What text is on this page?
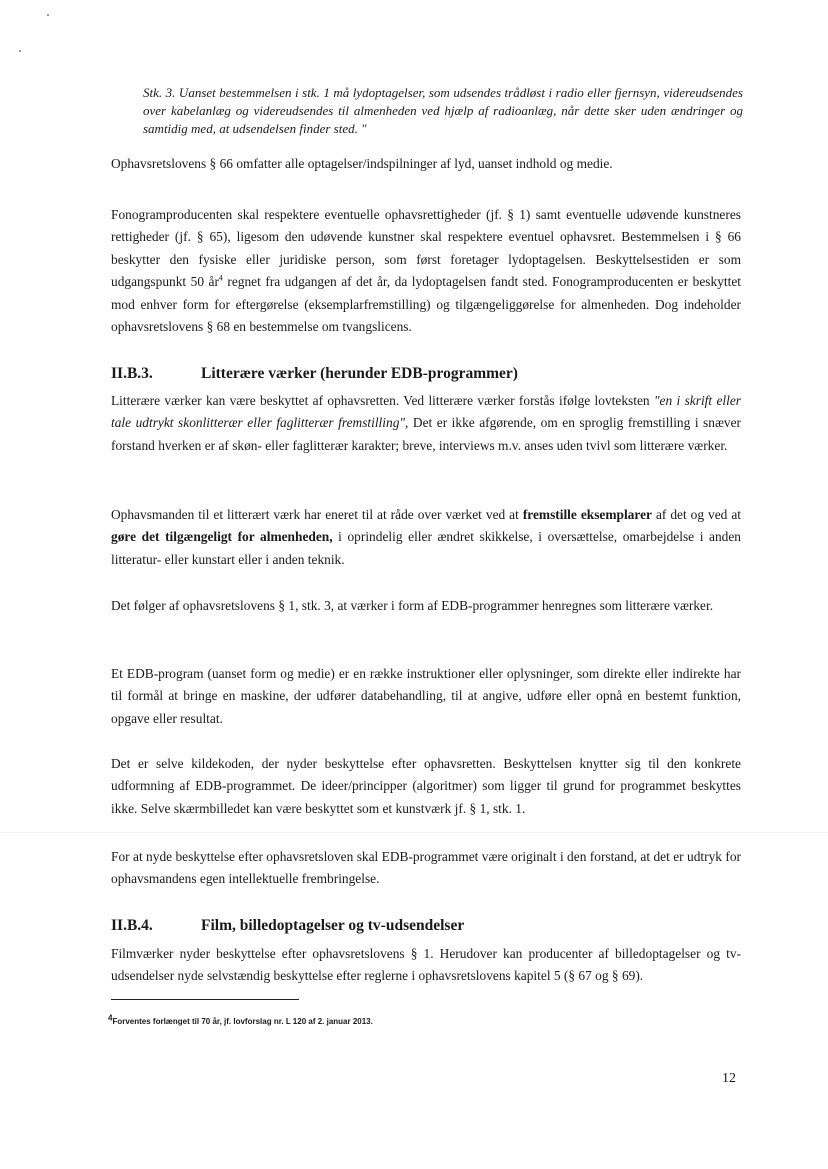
Stk. 3. Uanset bestemmelsen i stk. 1 må lydoptagelser, som udsendes trådløst i radio eller fjernsyn, videreudsendes over kabelanlæg og videreudsendes til almenheden ved hjælp af radioanlæg, når dette sker uden ændringer og samtidig med, at udsendelsen finder sted. "
Ophavsretslovens § 66 omfatter alle optagelser/indspilninger af lyd, uanset indhold og medie.
Fonogramproducenten skal respektere eventuelle ophavsrettigheder (jf. § 1) samt eventuelle udøvende kunstneres rettigheder (jf. § 65), ligesom den udøvende kunstner skal respektere eventuel ophavsret. Bestemmelsen i § 66 beskytter den fysiske eller juridiske person, som først foretager lydoptagelsen. Beskyttelsestiden er som udgangspunkt 50 $år^4$ regnet fra udgangen af det år, da lydoptagelsen fandt sted. Fonogramproducenten er beskyttet mod enhver form for eftergørelse (eksemplarfremstilling) og tilgængeliggørelse for almenheden. Dog indeholder ophavsretslovens § 68 en bestemmelse om tvangslicens.
II.B.3.	Litterære værker (herunder EDB-programmer)
Litterære værker kan være beskyttet af ophavsretten. Ved litterære værker forstås ifølge lovteksten "en i skrift eller tale udtrykt skonlitterær eller faglitterær fremstilling", Det er ikke afgørende, om en sproglig fremstilling i snæver forstand hverken er af skøn- eller faglitterær karakter; breve, interviews m.v. anses uden tvivl som litterære værker.
Ophavsmanden til et litterært værk har eneret til at råde over værket ved at fremstille eksemplarer af det og ved at gøre det tilgængeligt for almenheden, i oprindelig eller ændret skikkelse, i oversættelse, omarbejdelse i anden litteratur- eller kunstart eller i anden teknik.
Det følger af ophavsretslovens § 1, stk. 3, at værker i form af EDB-programmer henregnes som litterære værker.
Et EDB-program (uanset form og medie) er en række instruktioner eller oplysninger, som direkte eller indirekte har til formål at bringe en maskine, der udfører databehandling, til at angive, udføre eller opnå en bestemt funktion, opgave eller resultat.
Det er selve kildekoden, der nyder beskyttelse efter ophavsretten. Beskyttelsen knytter sig til den konkrete udformning af EDB-programmet. De ideer/principper (algoritmer) som ligger til grund for programmet beskyttes ikke. Selve skærmbilledet kan være beskyttet som et kunstværk jf. § 1, stk. 1.
For at nyde beskyttelse efter ophavsretsloven skal EDB-programmet være originalt i den forstand, at det er udtryk for ophavsmandens egen intellektuelle frembringelse.
II.B.4.	Film, billedoptagelser og tv-udsendelser
Filmværker nyder beskyttelse efter ophavsretslovens § 1. Herudover kan producenter af billedoptagelser og tv-udsendelser nyde selvstændig beskyttelse efter reglerne i ophavsretslovens kapitel 5 (§ 67 og § 69).
$^4$Forventes forlænget til 70 år, jf. lovforslag nr. L 120 af 2. januar 2013.
12
